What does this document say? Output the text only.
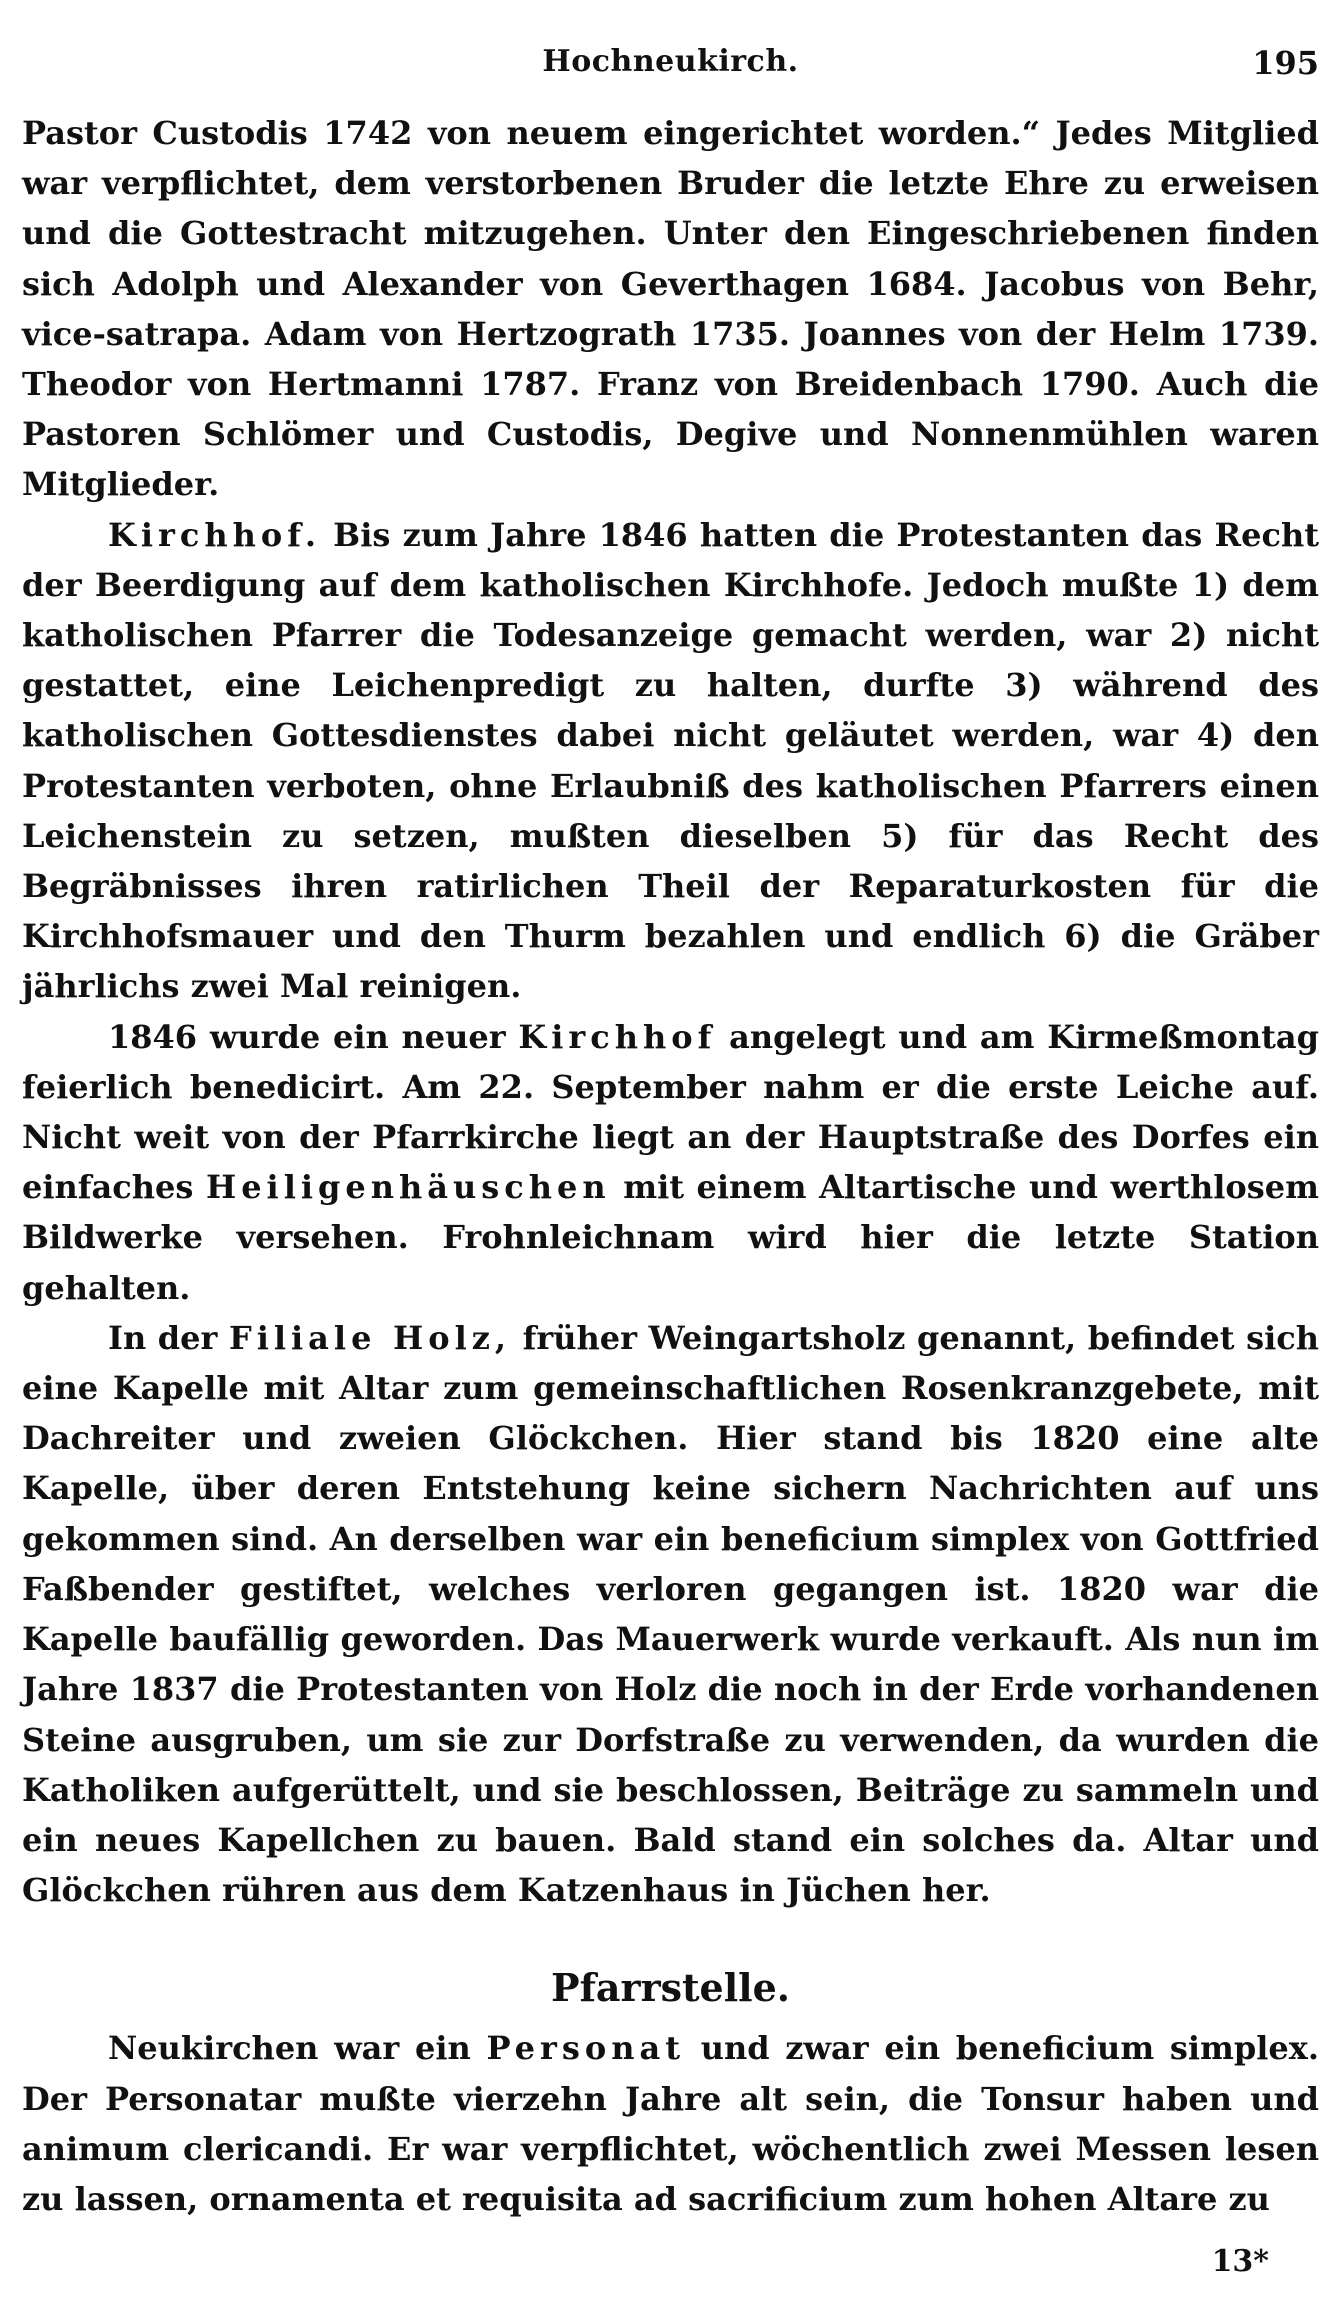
Hochneukirch.	195

Pastor Custodis 1742 von neuem eingerichtet worden.“ Jedes Mitglied war verpflichtet, dem verstorbenen Bruder die letzte Ehre zu erweisen und die Gottestracht mitzugehen. Unter den Eingeschriebenen finden sich Adolph und Alexander von Geverthagen 1684. Jacobus von Behr, vice-satrapa. Adam von Hertzograth 1735. Joannes von der Helm 1739. Theodor von Hertmanni 1787. Franz von Breidenbach 1790. Auch die Pastoren Schlömer und Custodis, Degive und Nonnenmühlen waren Mitglieder.

Kirchhof. Bis zum Jahre 1846 hatten die Protestanten das Recht der Beerdigung auf dem katholischen Kirchhofe. Jedoch mußte 1) dem katholischen Pfarrer die Todesanzeige gemacht werden, war 2) nicht gestattet, eine Leichenpredigt zu halten, durfte 3) während des katholischen Gottesdienstes dabei nicht geläutet werden, war 4) den Protestanten verboten, ohne Erlaubniß des katholischen Pfarrers einen Leichenstein zu setzen, mußten dieselben 5) für das Recht des Begräbnisses ihren ratirlichen Theil der Reparaturkosten für die Kirchhofsmauer und den Thurm bezahlen und endlich 6) die Gräber jährlichs zwei Mal reinigen.

1846 wurde ein neuer Kirchhof angelegt und am Kirmeßmontag feierlich benedicirt. Am 22. September nahm er die erste Leiche auf. Nicht weit von der Pfarrkirche liegt an der Hauptstraße des Dorfes ein einfaches Heiligenhäuschen mit einem Altartische und werthlosem Bildwerke versehen. Frohnleichnam wird hier die letzte Station gehalten.

In der Filiale Holz, früher Weingartsholz genannt, befindet sich eine Kapelle mit Altar zum gemeinschaftlichen Rosenkranzgebete, mit Dachreiter und zweien Glöckchen. Hier stand bis 1820 eine alte Kapelle, über deren Entstehung keine sichern Nachrichten auf uns gekommen sind. An derselben war ein beneficium simplex von Gottfried Faßbender gestiftet, welches verloren gegangen ist. 1820 war die Kapelle baufällig geworden. Das Mauerwerk wurde verkauft. Als nun im Jahre 1837 die Protestanten von Holz die noch in der Erde vorhandenen Steine ausgruben, um sie zur Dorfstraße zu verwenden, da wurden die Katholiken aufgerüttelt, und sie beschlossen, Beiträge zu sammeln und ein neues Kapellchen zu bauen. Bald stand ein solches da. Altar und Glöckchen rühren aus dem Katzenhaus in Jüchen her.

Pfarrstelle.

Neukirchen war ein Personat und zwar ein beneficium simplex. Der Personatar mußte vierzehn Jahre alt sein, die Tonsur haben und animum clericandi. Er war verpflichtet, wöchentlich zwei Messen lesen zu lassen, ornamenta et requisita ad sacrificium zum hohen Altare zu

13*
